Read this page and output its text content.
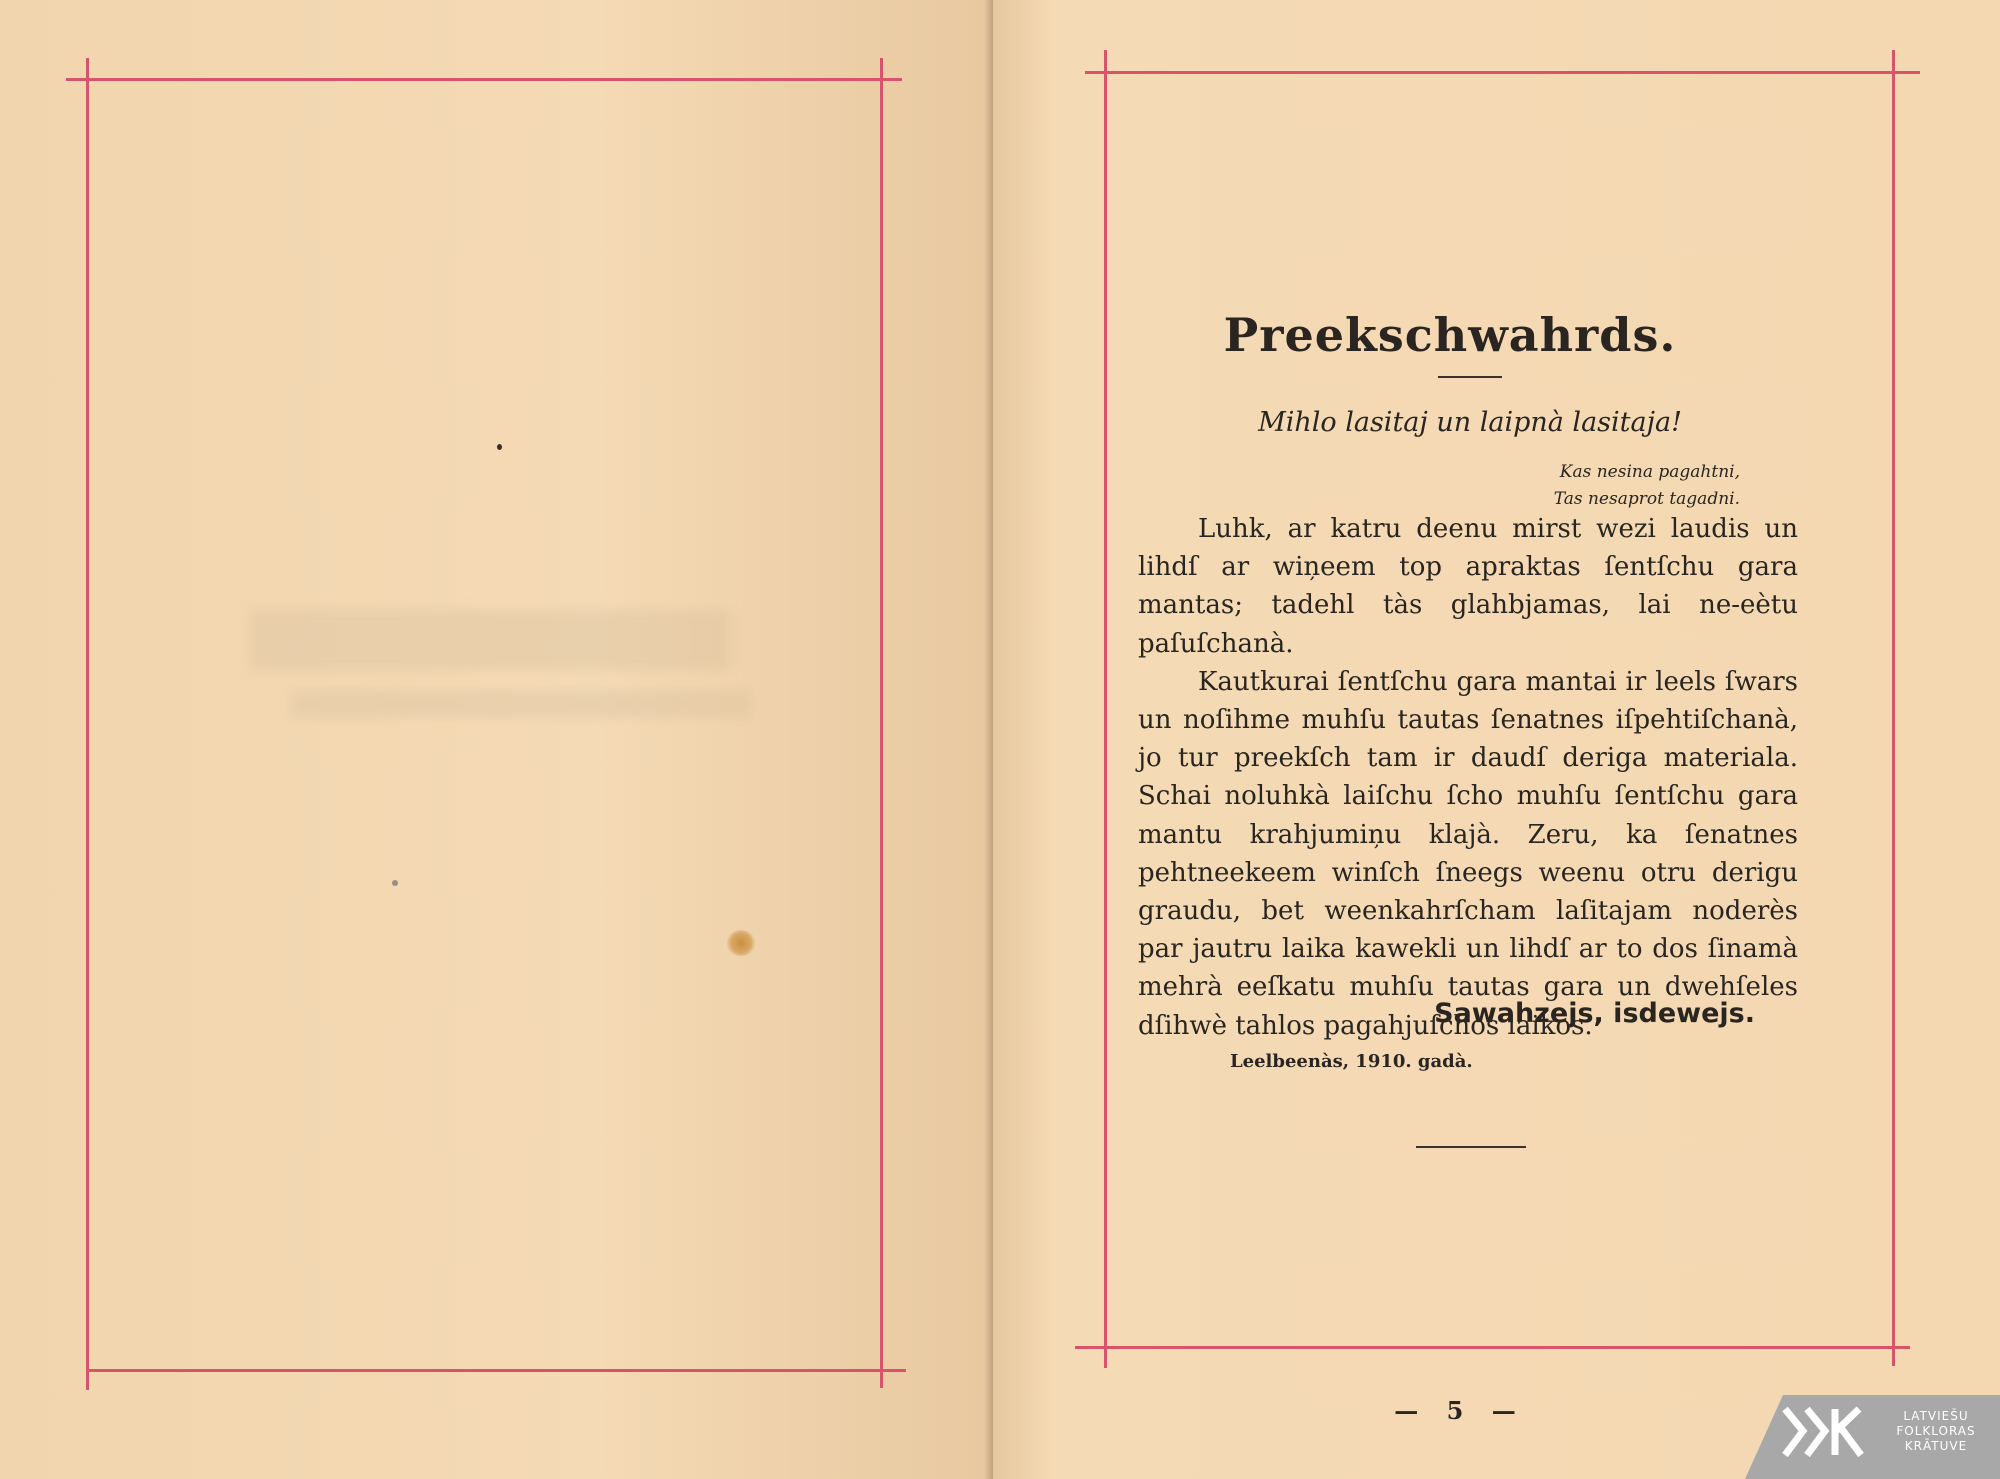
Preekschwahrds.
Mihlo lasitaj un laipnà lasitaja!
Kas nesina pagahtni,
Tas nesaprot tagadni.

Luhk, ar katru deenu mirst wezi laudis un lihdſ ar wiņeem top apraktas ſentſchu gara mantas; tadehl tàs glahbjamas, lai ne-eètu paſuſchanà.

Kautkurai ſentſchu gara mantai ir leels ſwars un noſihme muhſu tautas ſenatnes iſpehtiſchanà, jo tur preekſch tam ir daudſ deriga materiala. Schai noluhkà laiſchu ſcho muhſu ſentſchu gara mantu krahjumiņu klajà. Zeru, ka ſenatnes pehtneekeem winſch ſneegs weenu otru derigu graudu, bet weenkahrſcham laſitajam noderès par jautru laika kawekli un lihdſ ar to dos ſinamà mehrà eeſkatu muhſu tautas gara un dwehſeles dſihwè tahlos pagahjuſchos laikos.

Sawahzejs, isdewejs.
Leelbeenàs, 1910. gadà.
— 5 —	LATVIEŠU
FOLKLORAS
KRĀTUVE
